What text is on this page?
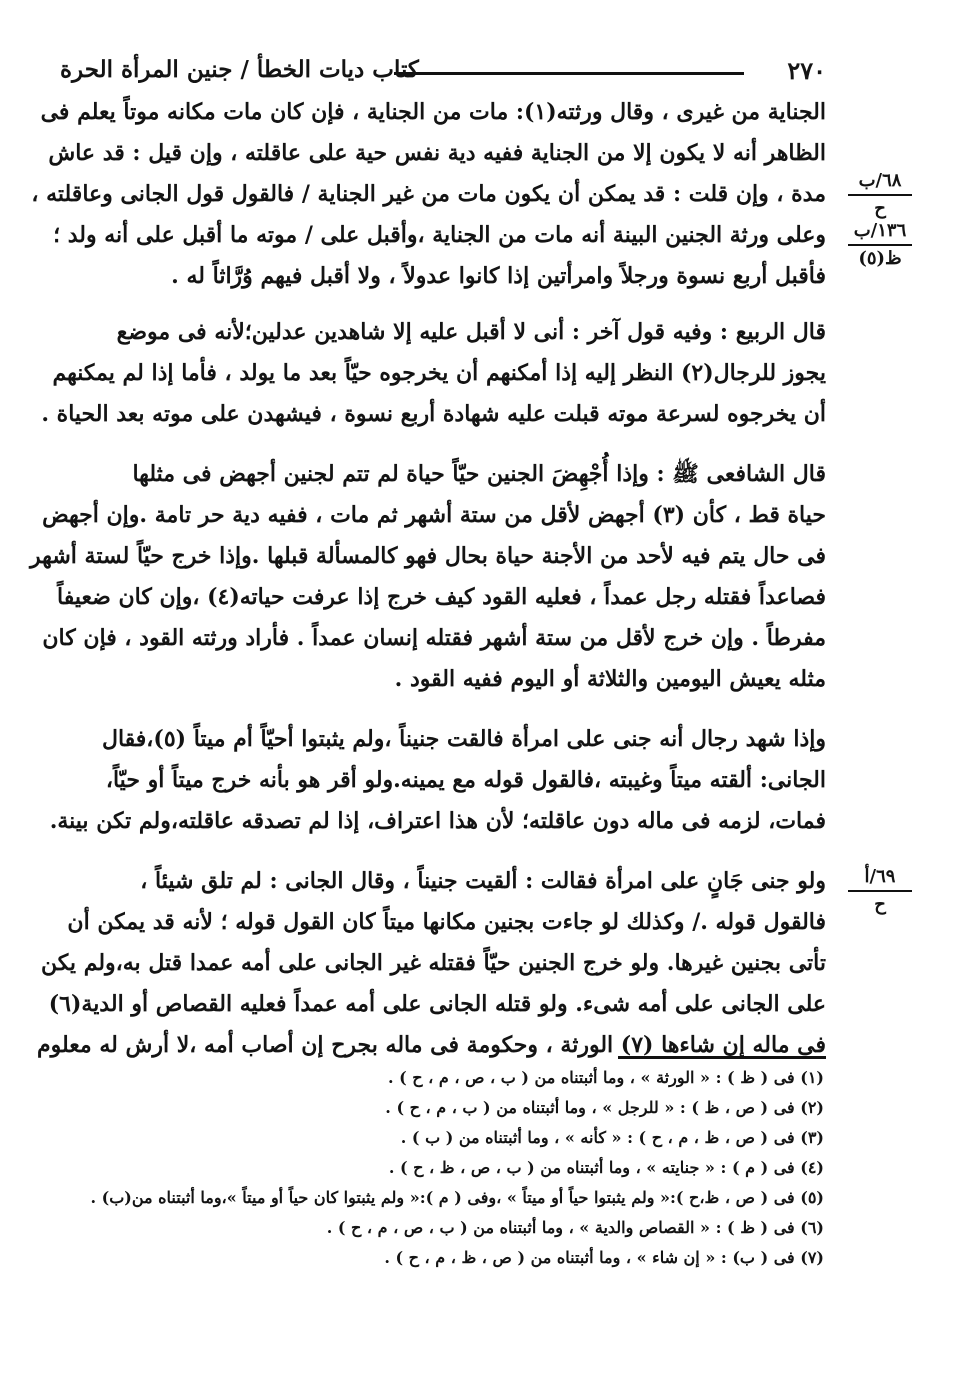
٢٧٠
كتاب ديات الخطأ / جنين المرأة الحرة
الجناية من غيرى ، وقال ورثته(١): مات من الجناية ، فإن كان مات مكانه موتاً يعلم فى
الظاهر أنه لا يكون إلا من الجناية ففيه دية نفس حية على عاقلته ، وإن قيل : قد عاش
مدة ، وإن قلت : قد يمكن أن يكون مات من غير الجناية / فالقول قول الجانى وعاقلته ،
وعلى ورثة الجنين البينة أنه مات من الجناية ،وأقبل على / موته ما أقبل على أنه ولد ؛
فأقبل أربع نسوة ورجلاً وامرأتين إذا كانوا عدولاً ، ولا أقبل فيهم وُرَّاثاً له .
قال الربيع : وفيه قول آخر : أنى لا أقبل عليه إلا شاهدين عدلين؛لأنه فى موضع
يجوز للرجال(٢) النظر إليه إذا أمكنهم أن يخرجوه حيّاً بعد ما يولد ، فأما إذا لم يمكنهم
أن يخرجوه لسرعة موته قبلت عليه شهادة أربع نسوة ، فيشهدن على موته بعد الحياة .
قال الشافعى ﷺ : وإذا أُجْهِضَ الجنين حيّاً حياة لم تتم لجنين أجهض فى مثلها
حياة قط ، كأن (٣) أجهض لأقل من ستة أشهر ثم مات ، ففيه دية حر تامة .وإن أجهض
فى حال يتم فيه لأحد من الأجنة حياة بحال فهو كالمسألة قبلها .وإذا خرج حيّاً لستة أشهر
فصاعداً فقتله رجل عمداً ، فعليه القود كيف خرج إذا عرفت حياته(٤) ،وإن كان ضعيفاً
مفرطاً . وإن خرج لأقل من ستة أشهر فقتله إنسان عمداً . فأراد ورثته القود ، فإن كان
مثله يعيش اليومين والثلاثة أو اليوم ففيه القود .
وإذا شهد رجال أنه جنى على امرأة فالقت جنيناً ،ولم يثبتوا أحيّاً أم ميتاً (٥)،فقال
الجانى: ألقته ميتاً وغيبته ،فالقول قوله مع يمينه.ولو أقر هو بأنه خرج ميتاً أو حيّاً،
فمات، لزمه فى ماله دون عاقلته؛ لأن هذا اعتراف، إذا لم تصدقه عاقلته،ولم تكن بينة.
ولو جنى جَانٍ على امرأة فقالت : ألقيت جنيناً ، وقال الجانى : لم تلق شيئاً ،
فالقول قوله ./ وكذلك لو جاءت بجنين مكانها ميتاً كان القول قوله ؛ لأنه قد يمكن أن
تأتى بجنين غيرها. ولو خرج الجنين حيّاً فقتله غير الجانى على أمه عمدا قتل به،ولم يكن
على الجانى على أمه شىء. ولو قتله الجانى على أمه عمداً فعليه القصاص أو الدية(٦)
فى ماله إن شاءها (٧) الورثة ، وحكومة فى ماله بجرح إن أصاب أمه ،لا أرش له معلوم
٦٨/ب
ح
١٣٦/ب
ظ(٥)
٦٩/أ
ح
(١) فى ( ظ ) : « الورثة » ، وما أثبتناه من ( ب ، ص ، م ، ح ) .
(٢) فى ( ص ، ظ ) : « للرجل » ، وما أثبتناه من ( ب ، م ، ح ) .
(٣) فى ( ص ، ظ ، م ، ح ) : « كأنه » ، وما أثبتناه من ( ب ) .
(٤) فى ( م ) : « جنايته » ، وما أثبتناه من ( ب ، ص ، ظ ، ح ) .
(٥) فى ( ص ، ظ،ح ):« ولم يثبتوا حياً أو ميتاً » ،وفى ( م ):« ولم يثبتوا كان حياً أو ميتاً »،وما أثبتناه من(ب) .
(٦) فى ( ظ ) : « القصاص والدية » ، وما أثبتناه من ( ب ، ص ، م ، ح ) .
(٧) فى ( ب) : « إن شاء » ، وما أثبتناه من ( ص ، ظ ، م ، ح ) .
